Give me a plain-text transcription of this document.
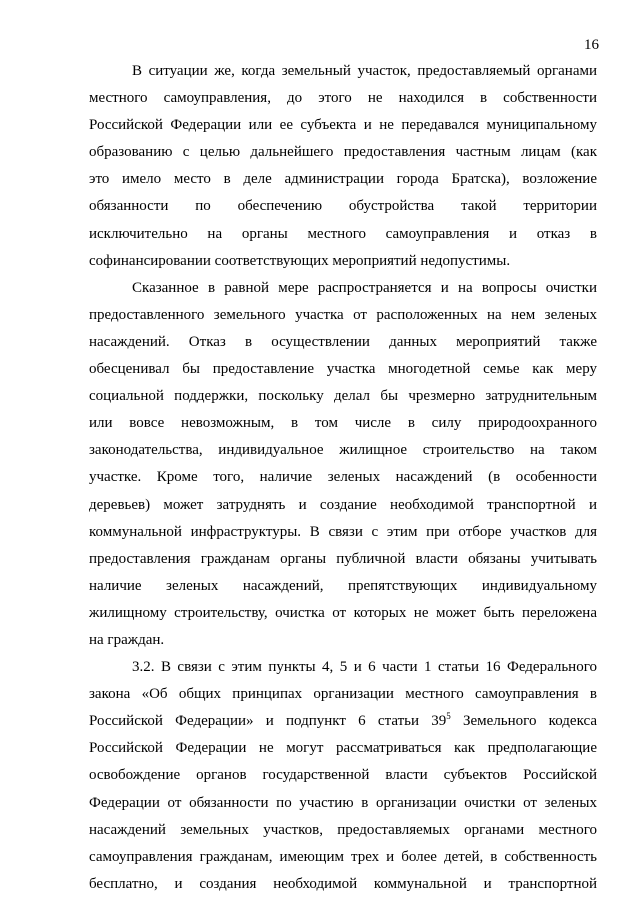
16
В ситуации же, когда земельный участок, предоставляемый органами
местного самоуправления, до этого не находился в собственности
Российской Федерации или ее субъекта и не передавался муниципальному
образованию с целью дальнейшего предоставления частным лицам (как
это имело место в деле администрации города Братска), возложение
обязанности по обеспечению обустройства такой территории
исключительно на органы местного самоуправления и отказ в
софинансировании соответствующих мероприятий недопустимы.
Сказанное в равной мере распространяется и на вопросы очистки
предоставленного земельного участка от расположенных на нем зеленых
насаждений. Отказ в осуществлении данных мероприятий также
обесценивал бы предоставление участка многодетной семье как меру
социальной поддержки, поскольку делал бы чрезмерно затруднительным
или вовсе невозможным, в том числе в силу природоохранного
законодательства, индивидуальное жилищное строительство на таком
участке. Кроме того, наличие зеленых насаждений (в особенности
деревьев) может затруднять и создание необходимой транспортной и
коммунальной инфраструктуры. В связи с этим при отборе участков для
предоставления гражданам органы публичной власти обязаны учитывать
наличие зеленых насаждений, препятствующих индивидуальному
жилищному строительству, очистка от которых не может быть переложена
на граждан.
3.2. В связи с этим пункты 4, 5 и 6 части 1 статьи 16 Федерального
закона «Об общих принципах организации местного самоуправления в
Российской Федерации» и подпункт 6 статьи $39^5$ Земельного кодекса
Российской Федерации не могут рассматриваться как предполагающие
освобождение органов государственной власти субъектов Российской
Федерации от обязанности по участию в организации очистки от зеленых
насаждений земельных участков, предоставляемых органами местного
самоуправления гражданам, имеющим трех и более детей, в собственность
бесплатно, и создания необходимой коммунальной и транспортной
